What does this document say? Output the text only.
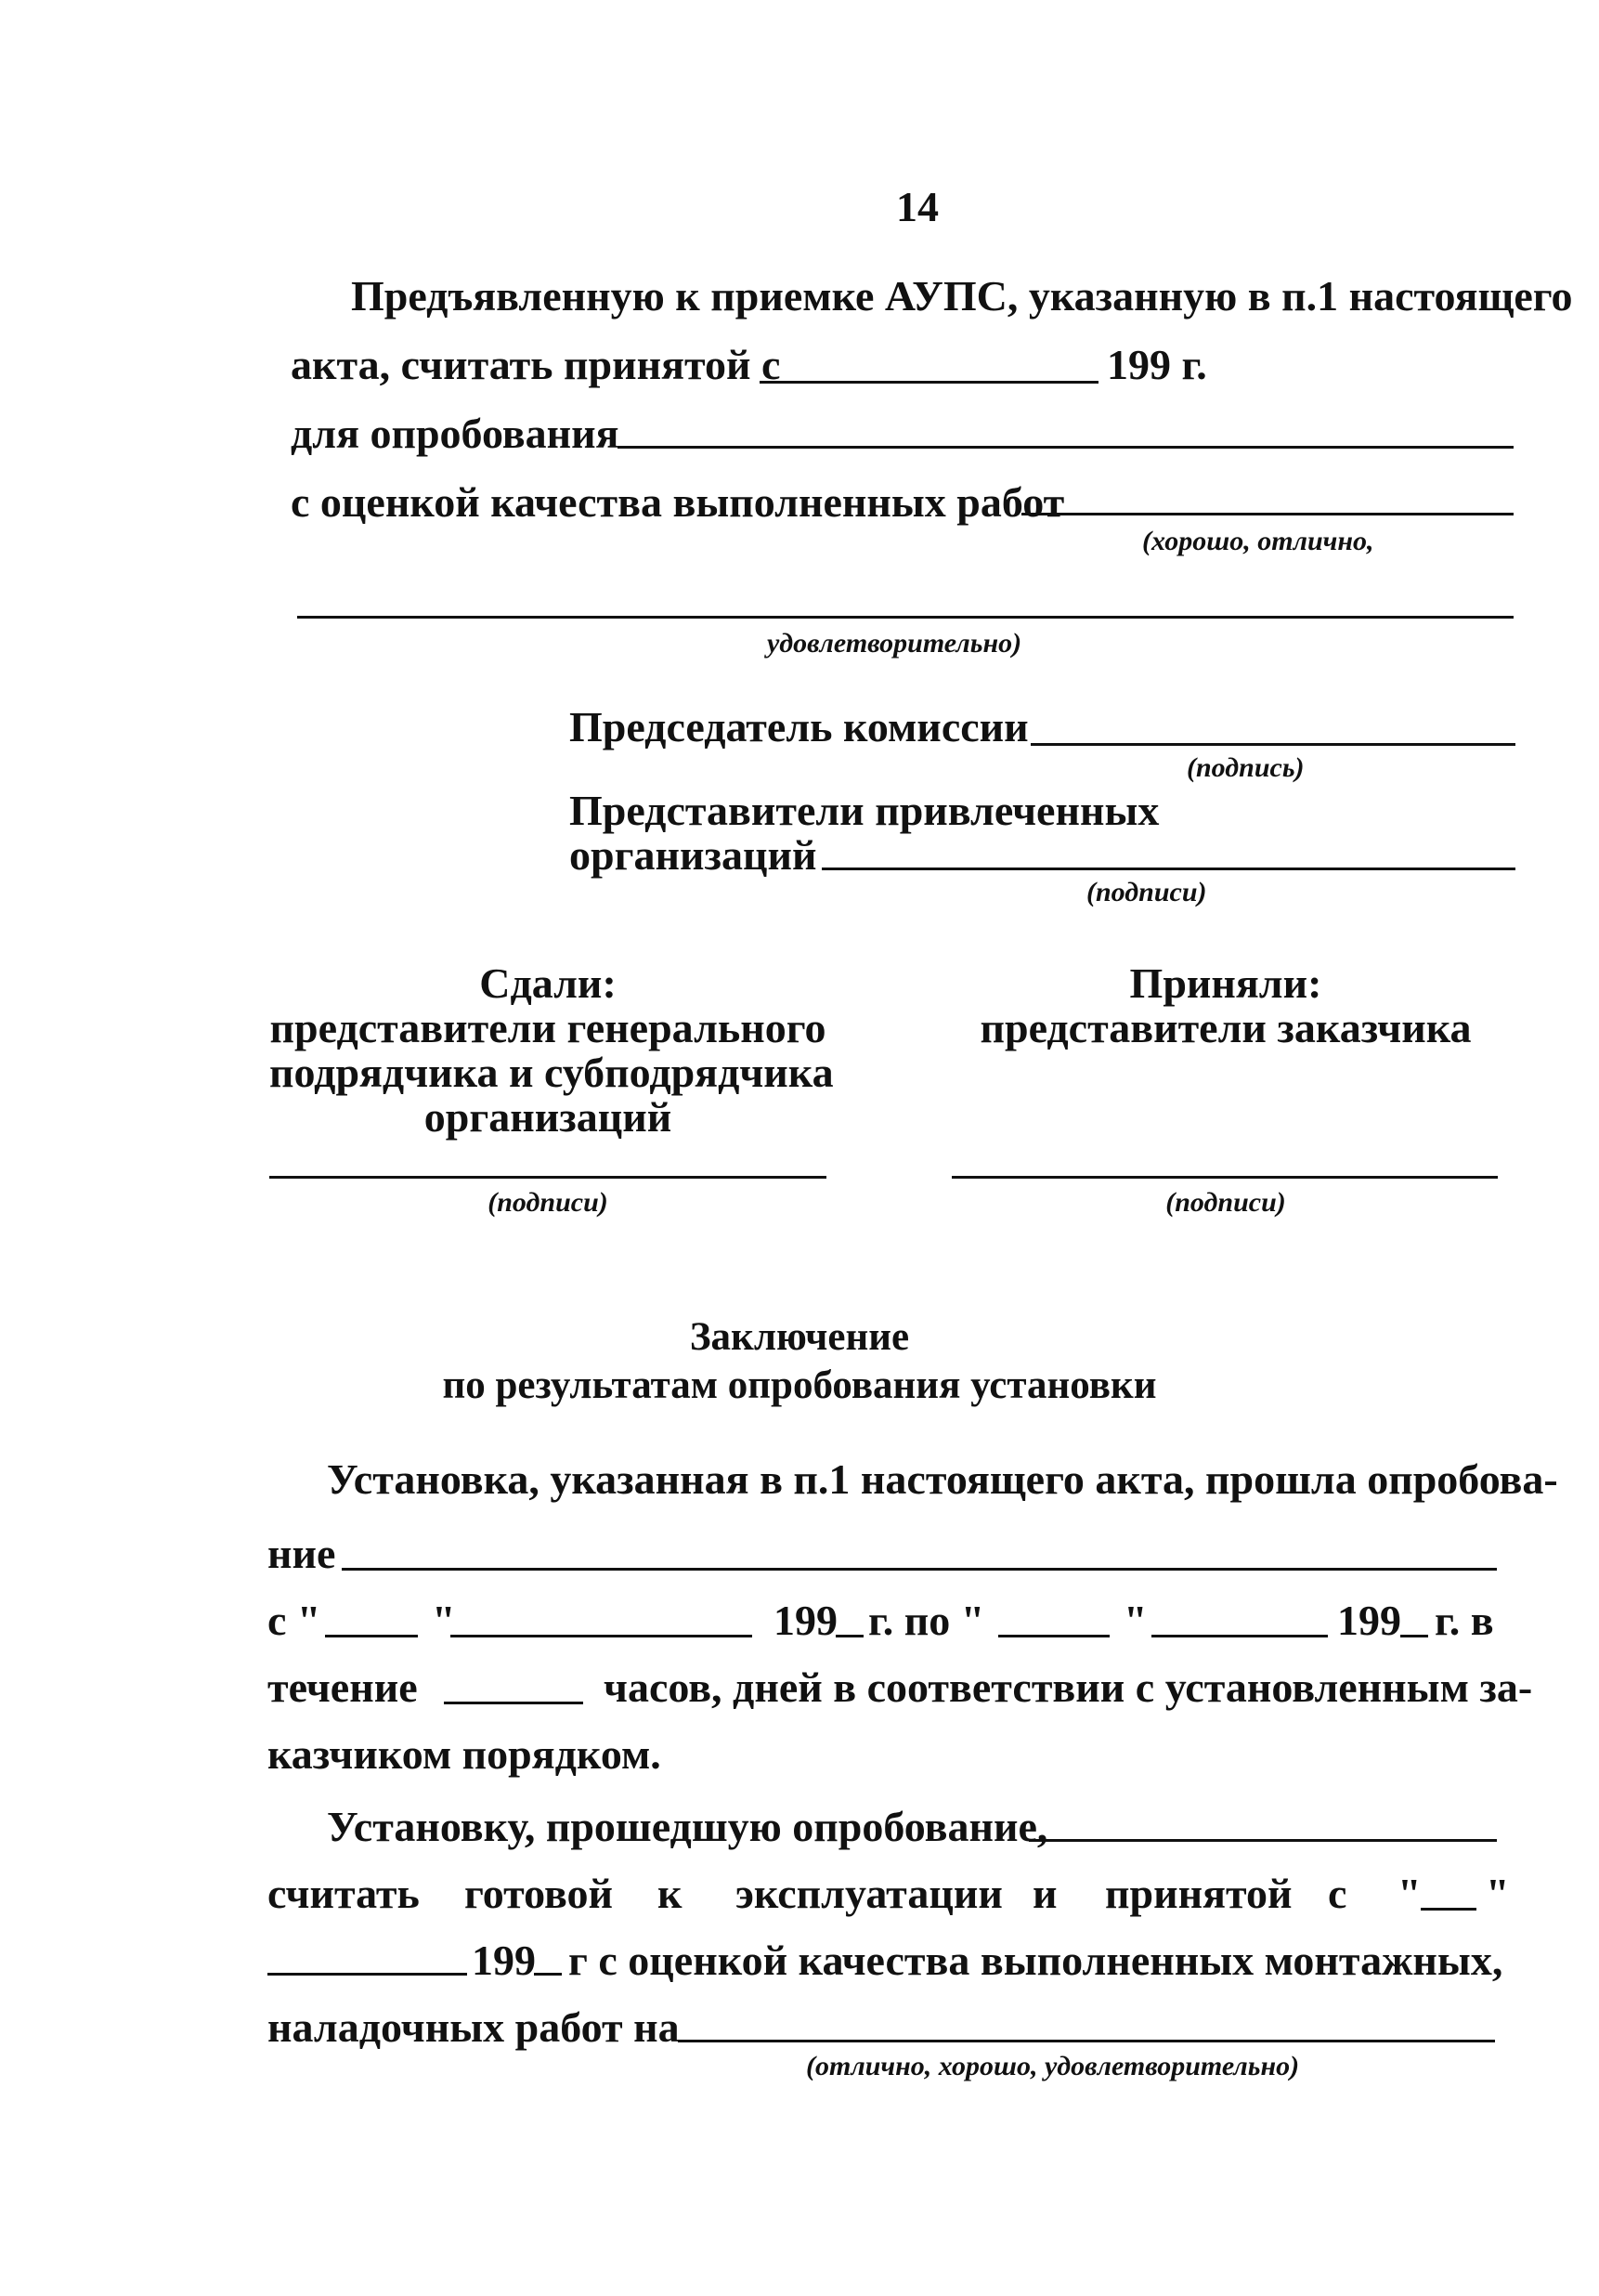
14
Предъявленную к приемке АУПС, указанную в п.1 настоящего
акта, считать принятой с	199 г.
для опробования
с оценкой качества выполненных работ
(хорошо, отлично,
удовлетворительно)
Председатель комиссии
(подпись)
Представители привлеченных
организаций
(подписи)
Сдали:
представители генерального
подрядчика и субподрядчика
организаций
(подписи)
Приняли:
представители заказчика
(подписи)
Заключение
по результатам опробования установки
Установка, указанная в п.1 настоящего акта, прошла опробова-
ние
с "	"	199 г. по "	"	199 г. в
течение	часов, дней в соответствии с установленным за-
казчиком порядком.
Установку, прошедшую опробование,
считать готовой к эксплуатации и принятой с " "
199 г с оценкой качества выполненных монтажных,
наладочных работ на
(отлично, хорошо, удовлетворительно)
